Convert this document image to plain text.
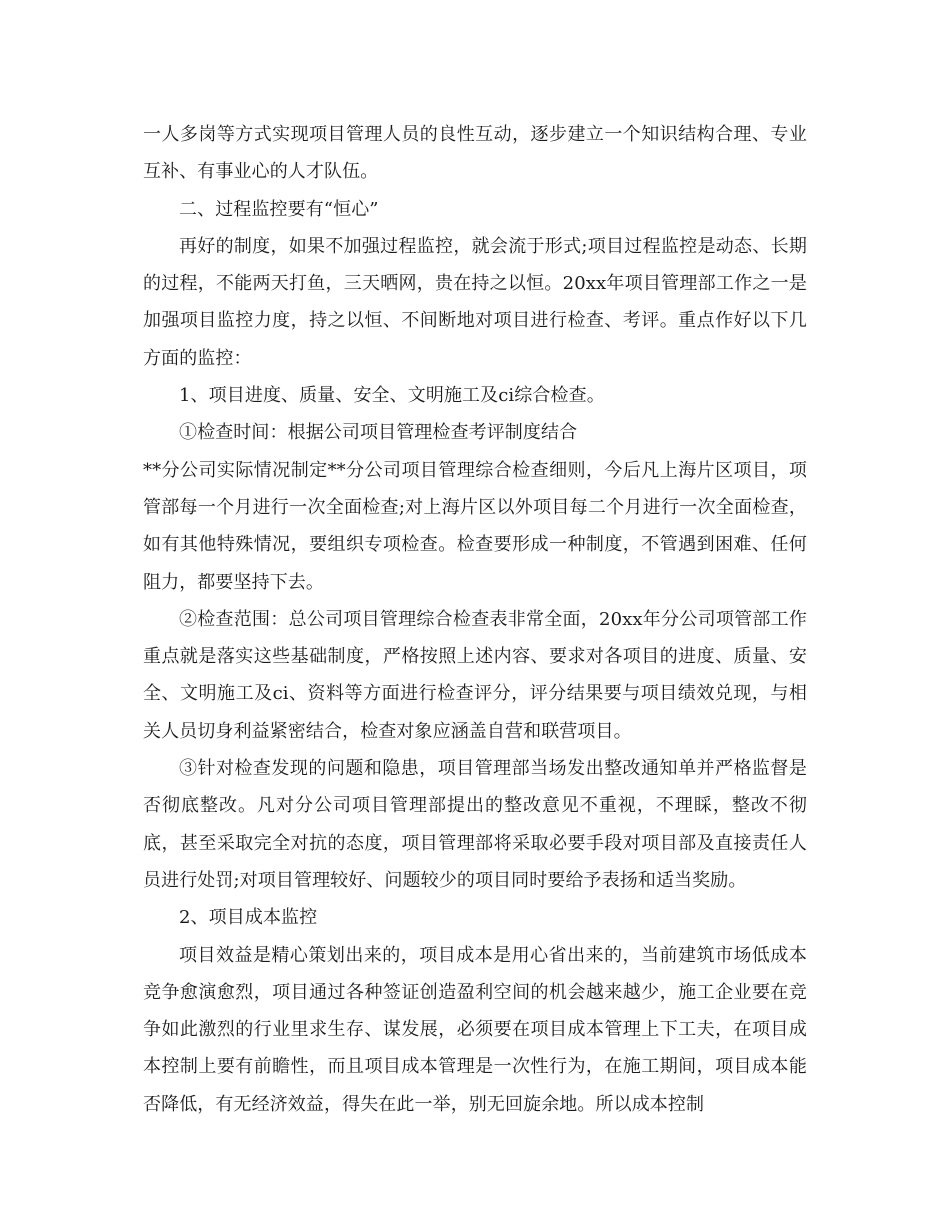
一人多岗等方式实现项目管理人员的良性互动，逐步建立一个知识结构合理、专业互补、有事业心的人才队伍。

二、过程监控要有“恒心”

再好的制度，如果不加强过程监控，就会流于形式;项目过程监控是动态、长期的过程，不能两天打鱼，三天晒网，贵在持之以恒。20xx年项目管理部工作之一是加强项目监控力度，持之以恒、不间断地对项目进行检查、考评。重点作好以下几方面的监控：

1、项目进度、质量、安全、文明施工及ci综合检查。

①检查时间：根据公司项目管理检查考评制度结合

**分公司实际情况制定**分公司项目管理综合检查细则，今后凡上海片区项目，项管部每一个月进行一次全面检查;对上海片区以外项目每二个月进行一次全面检查，如有其他特殊情况，要组织专项检查。检查要形成一种制度，不管遇到困难、任何阻力，都要坚持下去。

②检查范围：总公司项目管理综合检查表非常全面，20xx年分公司项管部工作重点就是落实这些基础制度，严格按照上述内容、要求对各项目的进度、质量、安全、文明施工及ci、资料等方面进行检查评分，评分结果要与项目绩效兑现，与相关人员切身利益紧密结合，检查对象应涵盖自营和联营项目。

③针对检查发现的问题和隐患，项目管理部当场发出整改通知单并严格监督是否彻底整改。凡对分公司项目管理部提出的整改意见不重视，不理睬，整改不彻底，甚至采取完全对抗的态度，项目管理部将采取必要手段对项目部及直接责任人员进行处罚;对项目管理较好、问题较少的项目同时要给予表扬和适当奖励。

2、项目成本监控

项目效益是精心策划出来的，项目成本是用心省出来的，当前建筑市场低成本竞争愈演愈烈，项目通过各种签证创造盈利空间的机会越来越少，施工企业要在竞争如此激烈的行业里求生存、谋发展，必须要在项目成本管理上下工夫，在项目成本控制上要有前瞻性，而且项目成本管理是一次性行为，在施工期间，项目成本能否降低，有无经济效益，得失在此一举，别无回旋余地。所以成本控制
